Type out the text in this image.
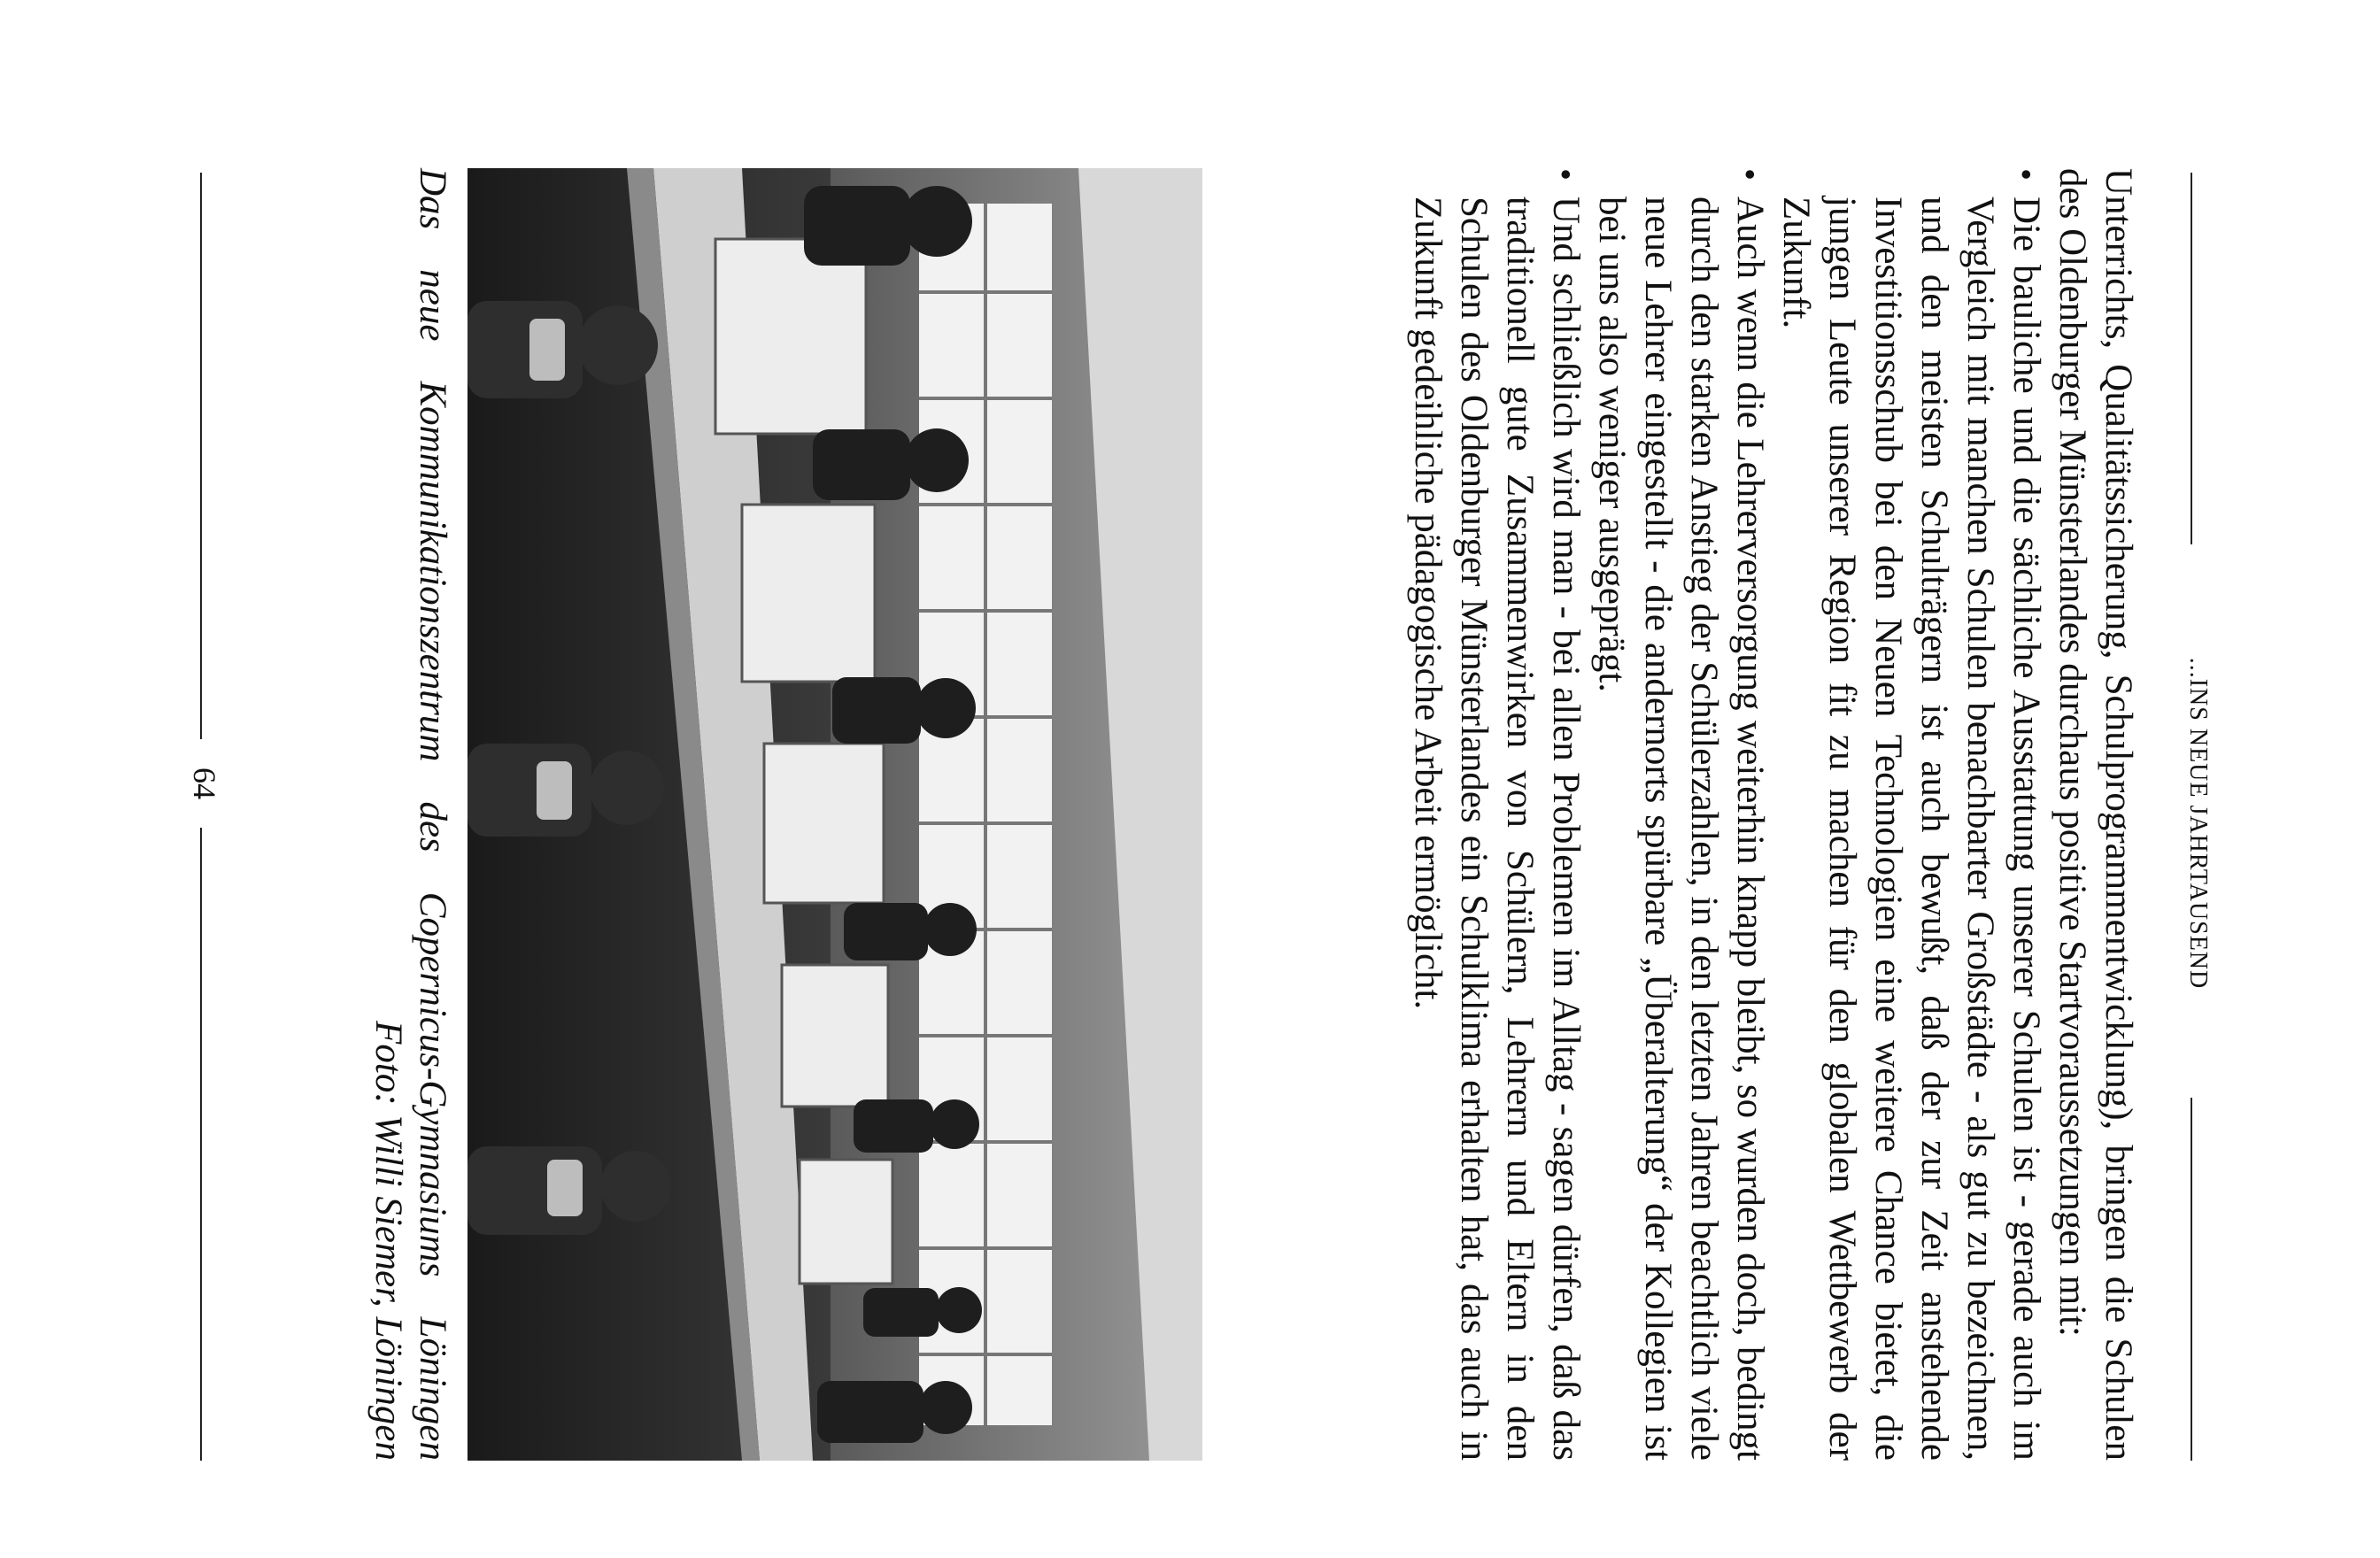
...INS NEUE JAHRTAUSEND

Unterrichts, Qualitätssicherung, Schulprogrammentwicklung), bringen die Schulen des Oldenburger Münsterlandes durchaus positive Startvoraussetzungen mit:

• Die bauliche und die sächliche Ausstattung unserer Schulen ist - gerade auch im Vergleich mit manchen Schulen benachbarter Großstädte - als gut zu bezeichnen, und den meisten Schulträgern ist auch bewußt, daß der zur Zeit anstehende Investitionsschub bei den Neuen Technologien eine weitere Chance bietet, die jungen Leute unserer Region fit zu machen für den globalen Wettbewerb der Zukunft.
• Auch wenn die Lehrerversorgung weiterhin knapp bleibt, so wurden doch, bedingt durch den starken Anstieg der Schülerzahlen, in den letzten Jahren beachtlich viele neue Lehrer eingestellt - die andernorts spürbare „Überalterung“ der Kollegien ist bei uns also weniger ausgeprägt.
• Und schließlich wird man - bei allen Problemen im Alltag - sagen dürfen, daß das traditionell gute Zusammenwirken von Schülern, Lehrern und Eltern in den Schulen des Oldenburger Münsterlandes ein Schulklima erhalten hat, das auch in Zukunft gedeihliche pädagogische Arbeit ermöglicht.
Das neue Kommunikationszentrum des Copernicus-Gymnasiums Löningen
Foto: Willi Siemer, Löningen
64
